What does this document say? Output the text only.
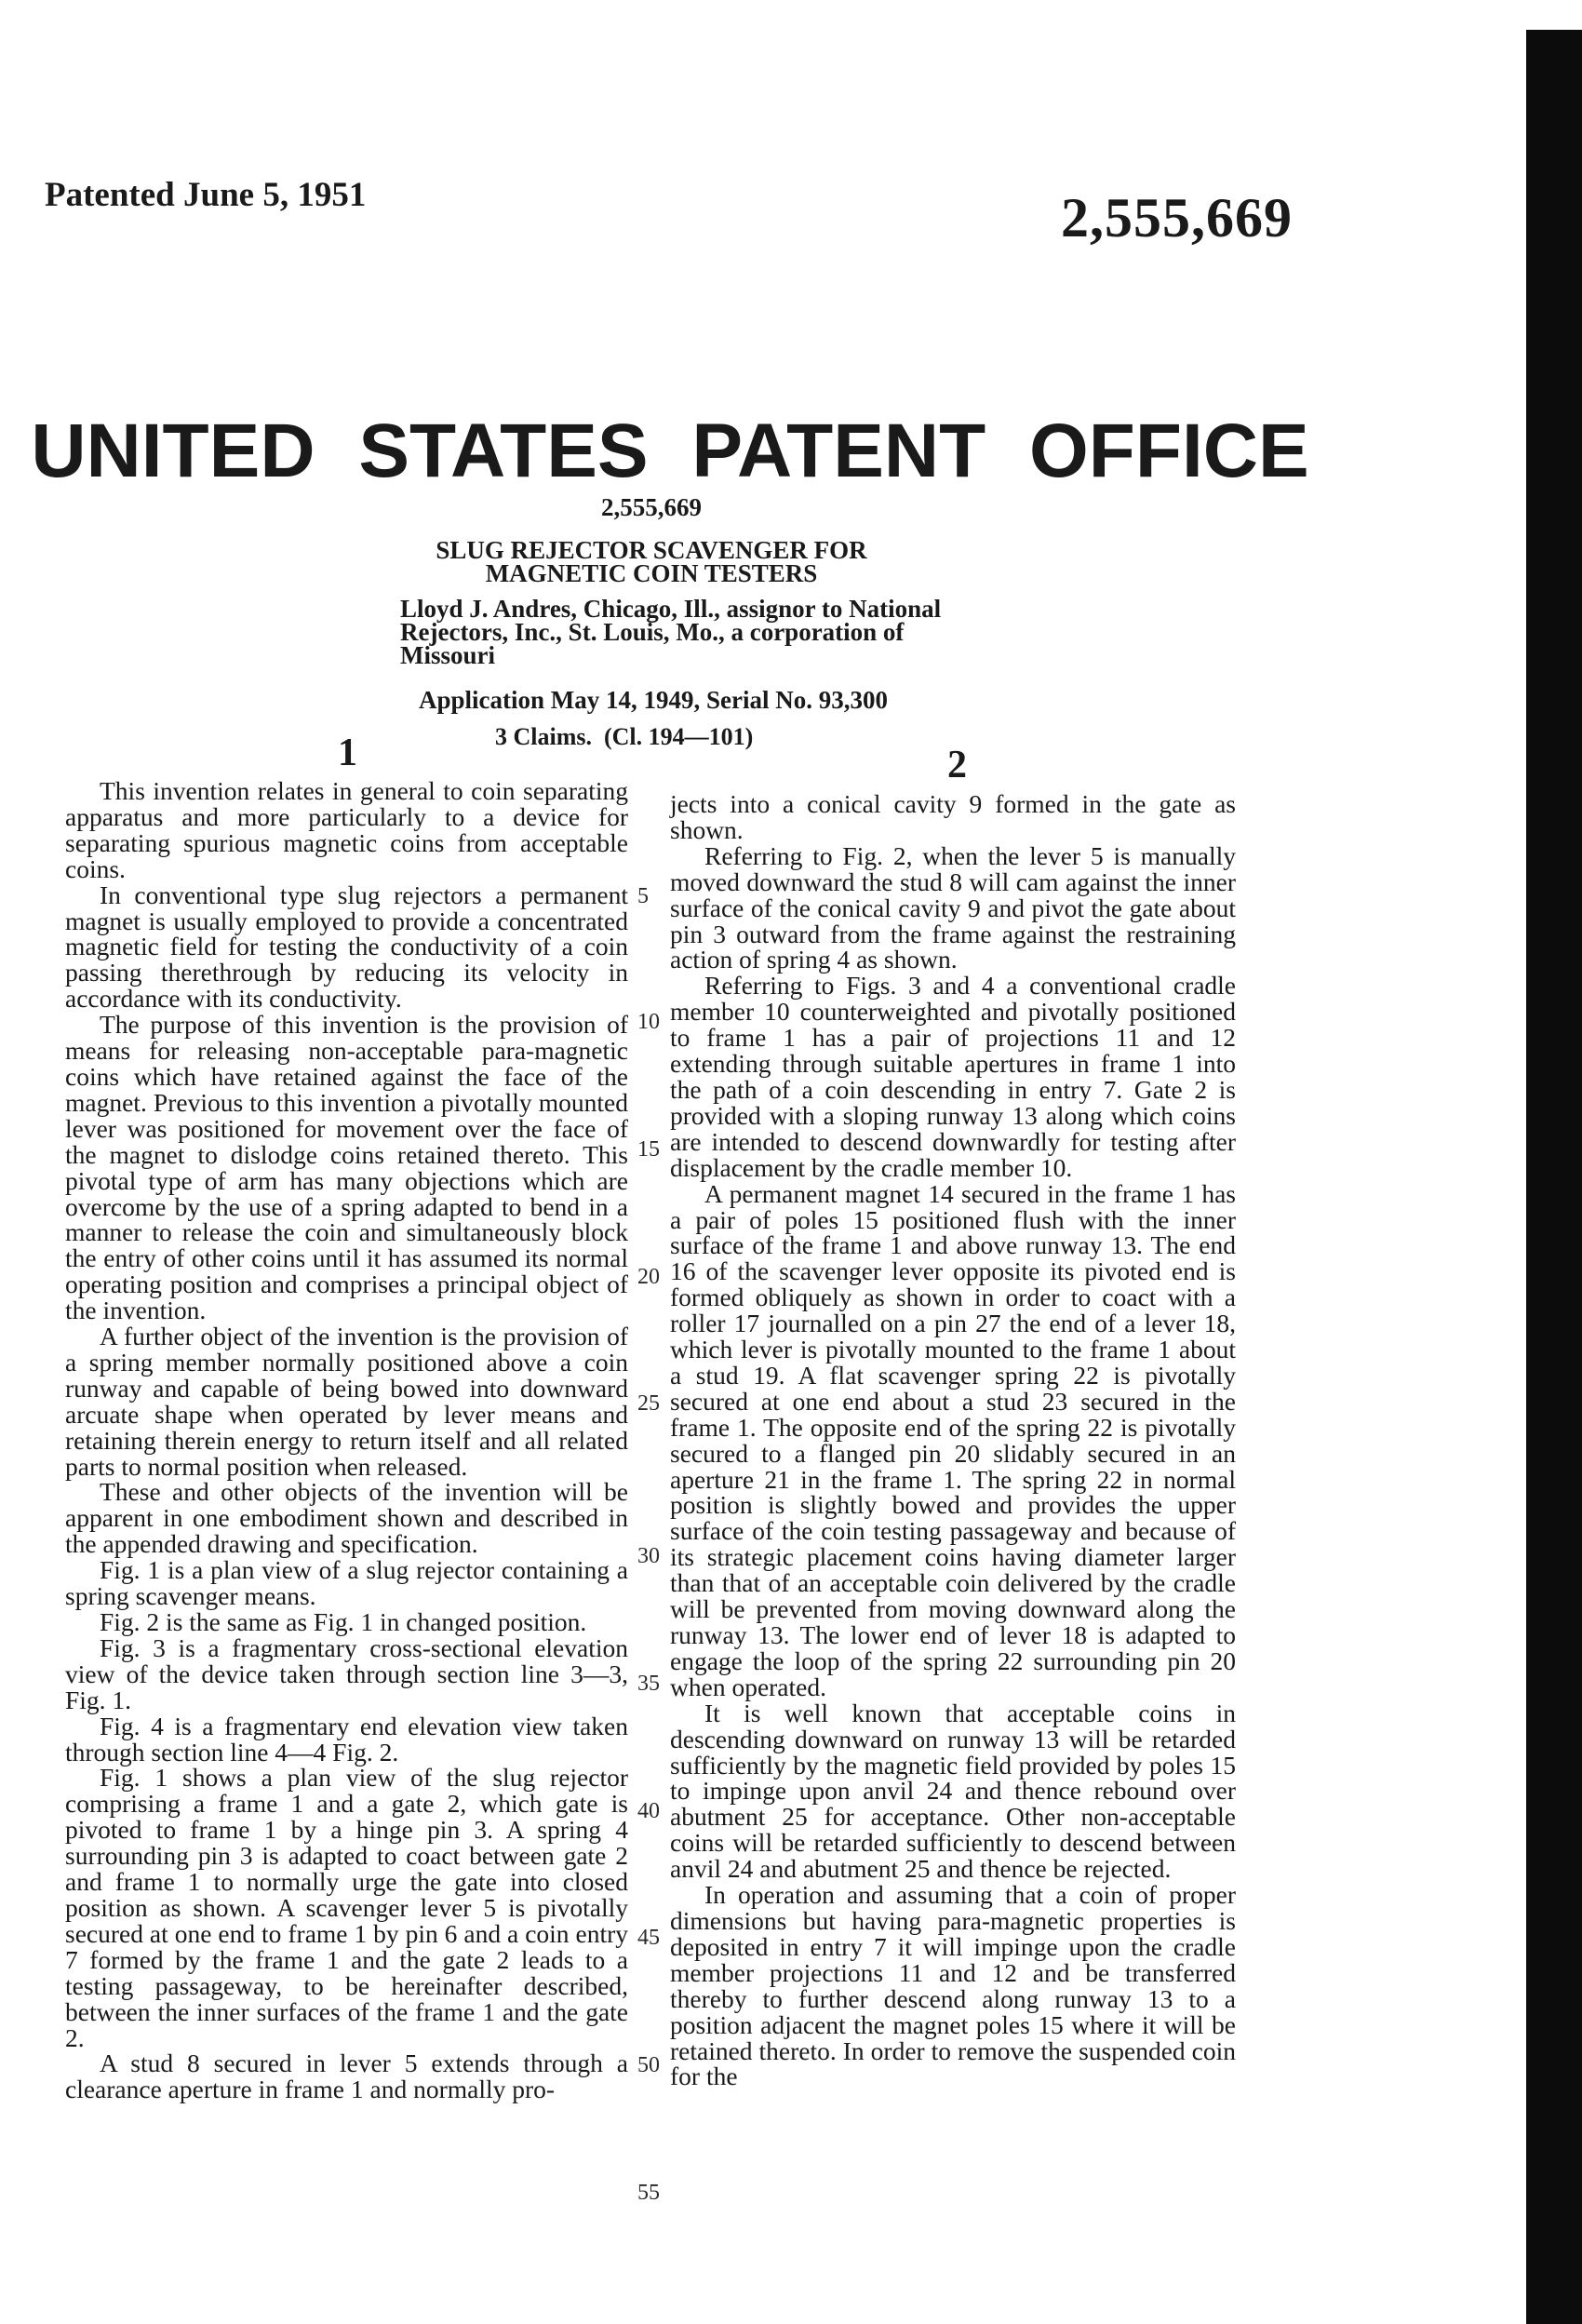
Patented June 5, 1951	2,555,669
UNITED STATES PATENT OFFICE
2,555,669
SLUG REJECTOR SCAVENGER FOR
MAGNETIC COIN TESTERS
Lloyd J. Andres, Chicago, Ill., assignor to National
Rejectors, Inc., St. Louis, Mo., a corporation of
Missouri
Application May 14, 1949, Serial No. 93,300
3 Claims. (Cl. 194—101)
1	2

This invention relates in general to coin separating apparatus and more particularly to a device for separating spurious magnetic coins from acceptable coins.

In conventional type slug rejectors a permanent magnet is usually employed to provide a concentrated magnetic field for testing the conductivity of a coin passing therethrough by reducing its velocity in accordance with its conductivity.

The purpose of this invention is the provision of means for releasing non-acceptable para-magnetic coins which have retained against the face of the magnet. Previous to this invention a pivotally mounted lever was positioned for movement over the face of the magnet to dislodge coins retained thereto. This pivotal type of arm has many objections which are overcome by the use of a spring adapted to bend in a manner to release the coin and simultaneously block the entry of other coins until it has assumed its normal operating position and comprises a principal object of the invention.

A further object of the invention is the provision of a spring member normally positioned above a coin runway and capable of being bowed into downward arcuate shape when operated by lever means and retaining therein energy to return itself and all related parts to normal position when released.

These and other objects of the invention will be apparent in one embodiment shown and described in the appended drawing and specification.

Fig. 1 is a plan view of a slug rejector containing a spring scavenger means.

Fig. 2 is the same as Fig. 1 in changed position.

Fig. 3 is a fragmentary cross-sectional elevation view of the device taken through section line 3—3, Fig. 1.

Fig. 4 is a fragmentary end elevation view taken through section line 4—4 Fig. 2.

Fig. 1 shows a plan view of the slug rejector comprising a frame 1 and a gate 2, which gate is pivoted to frame 1 by a hinge pin 3. A spring 4 surrounding pin 3 is adapted to coact between gate 2 and frame 1 to normally urge the gate into closed position as shown. A scavenger lever 5 is pivotally secured at one end to frame 1 by pin 6 and a coin entry 7 formed by the frame 1 and the gate 2 leads to a testing passageway, to be hereinafter described, between the inner surfaces of the frame 1 and the gate 2.

A stud 8 secured in lever 5 extends through a clearance aperture in frame 1 and normally pro-

5
10
15
20
25
30
35
40
45
50
55

jects into a conical cavity 9 formed in the gate as shown.

Referring to Fig. 2, when the lever 5 is manually moved downward the stud 8 will cam against the inner surface of the conical cavity 9 and pivot the gate about pin 3 outward from the frame against the restraining action of spring 4 as shown.

Referring to Figs. 3 and 4 a conventional cradle member 10 counterweighted and pivotally positioned to frame 1 has a pair of projections 11 and 12 extending through suitable apertures in frame 1 into the path of a coin descending in entry 7. Gate 2 is provided with a sloping runway 13 along which coins are intended to descend downwardly for testing after displacement by the cradle member 10.

A permanent magnet 14 secured in the frame 1 has a pair of poles 15 positioned flush with the inner surface of the frame 1 and above runway 13. The end 16 of the scavenger lever opposite its pivoted end is formed obliquely as shown in order to coact with a roller 17 journalled on a pin 27 the end of a lever 18, which lever is pivotally mounted to the frame 1 about a stud 19. A flat scavenger spring 22 is pivotally secured at one end about a stud 23 secured in the frame 1. The opposite end of the spring 22 is pivotally secured to a flanged pin 20 slidably secured in an aperture 21 in the frame 1. The spring 22 in normal position is slightly bowed and provides the upper surface of the coin testing passageway and because of its strategic placement coins having diameter larger than that of an acceptable coin delivered by the cradle will be prevented from moving downward along the runway 13. The lower end of lever 18 is adapted to engage the loop of the spring 22 surrounding pin 20 when operated.

It is well known that acceptable coins in descending downward on runway 13 will be retarded sufficiently by the magnetic field provided by poles 15 to impinge upon anvil 24 and thence rebound over abutment 25 for acceptance. Other non-acceptable coins will be retarded sufficiently to descend between anvil 24 and abutment 25 and thence be rejected.

In operation and assuming that a coin of proper dimensions but having para-magnetic properties is deposited in entry 7 it will impinge upon the cradle member projections 11 and 12 and be transferred thereby to further descend along runway 13 to a position adjacent the magnet poles 15 where it will be retained thereto. In order to remove the suspended coin for the
